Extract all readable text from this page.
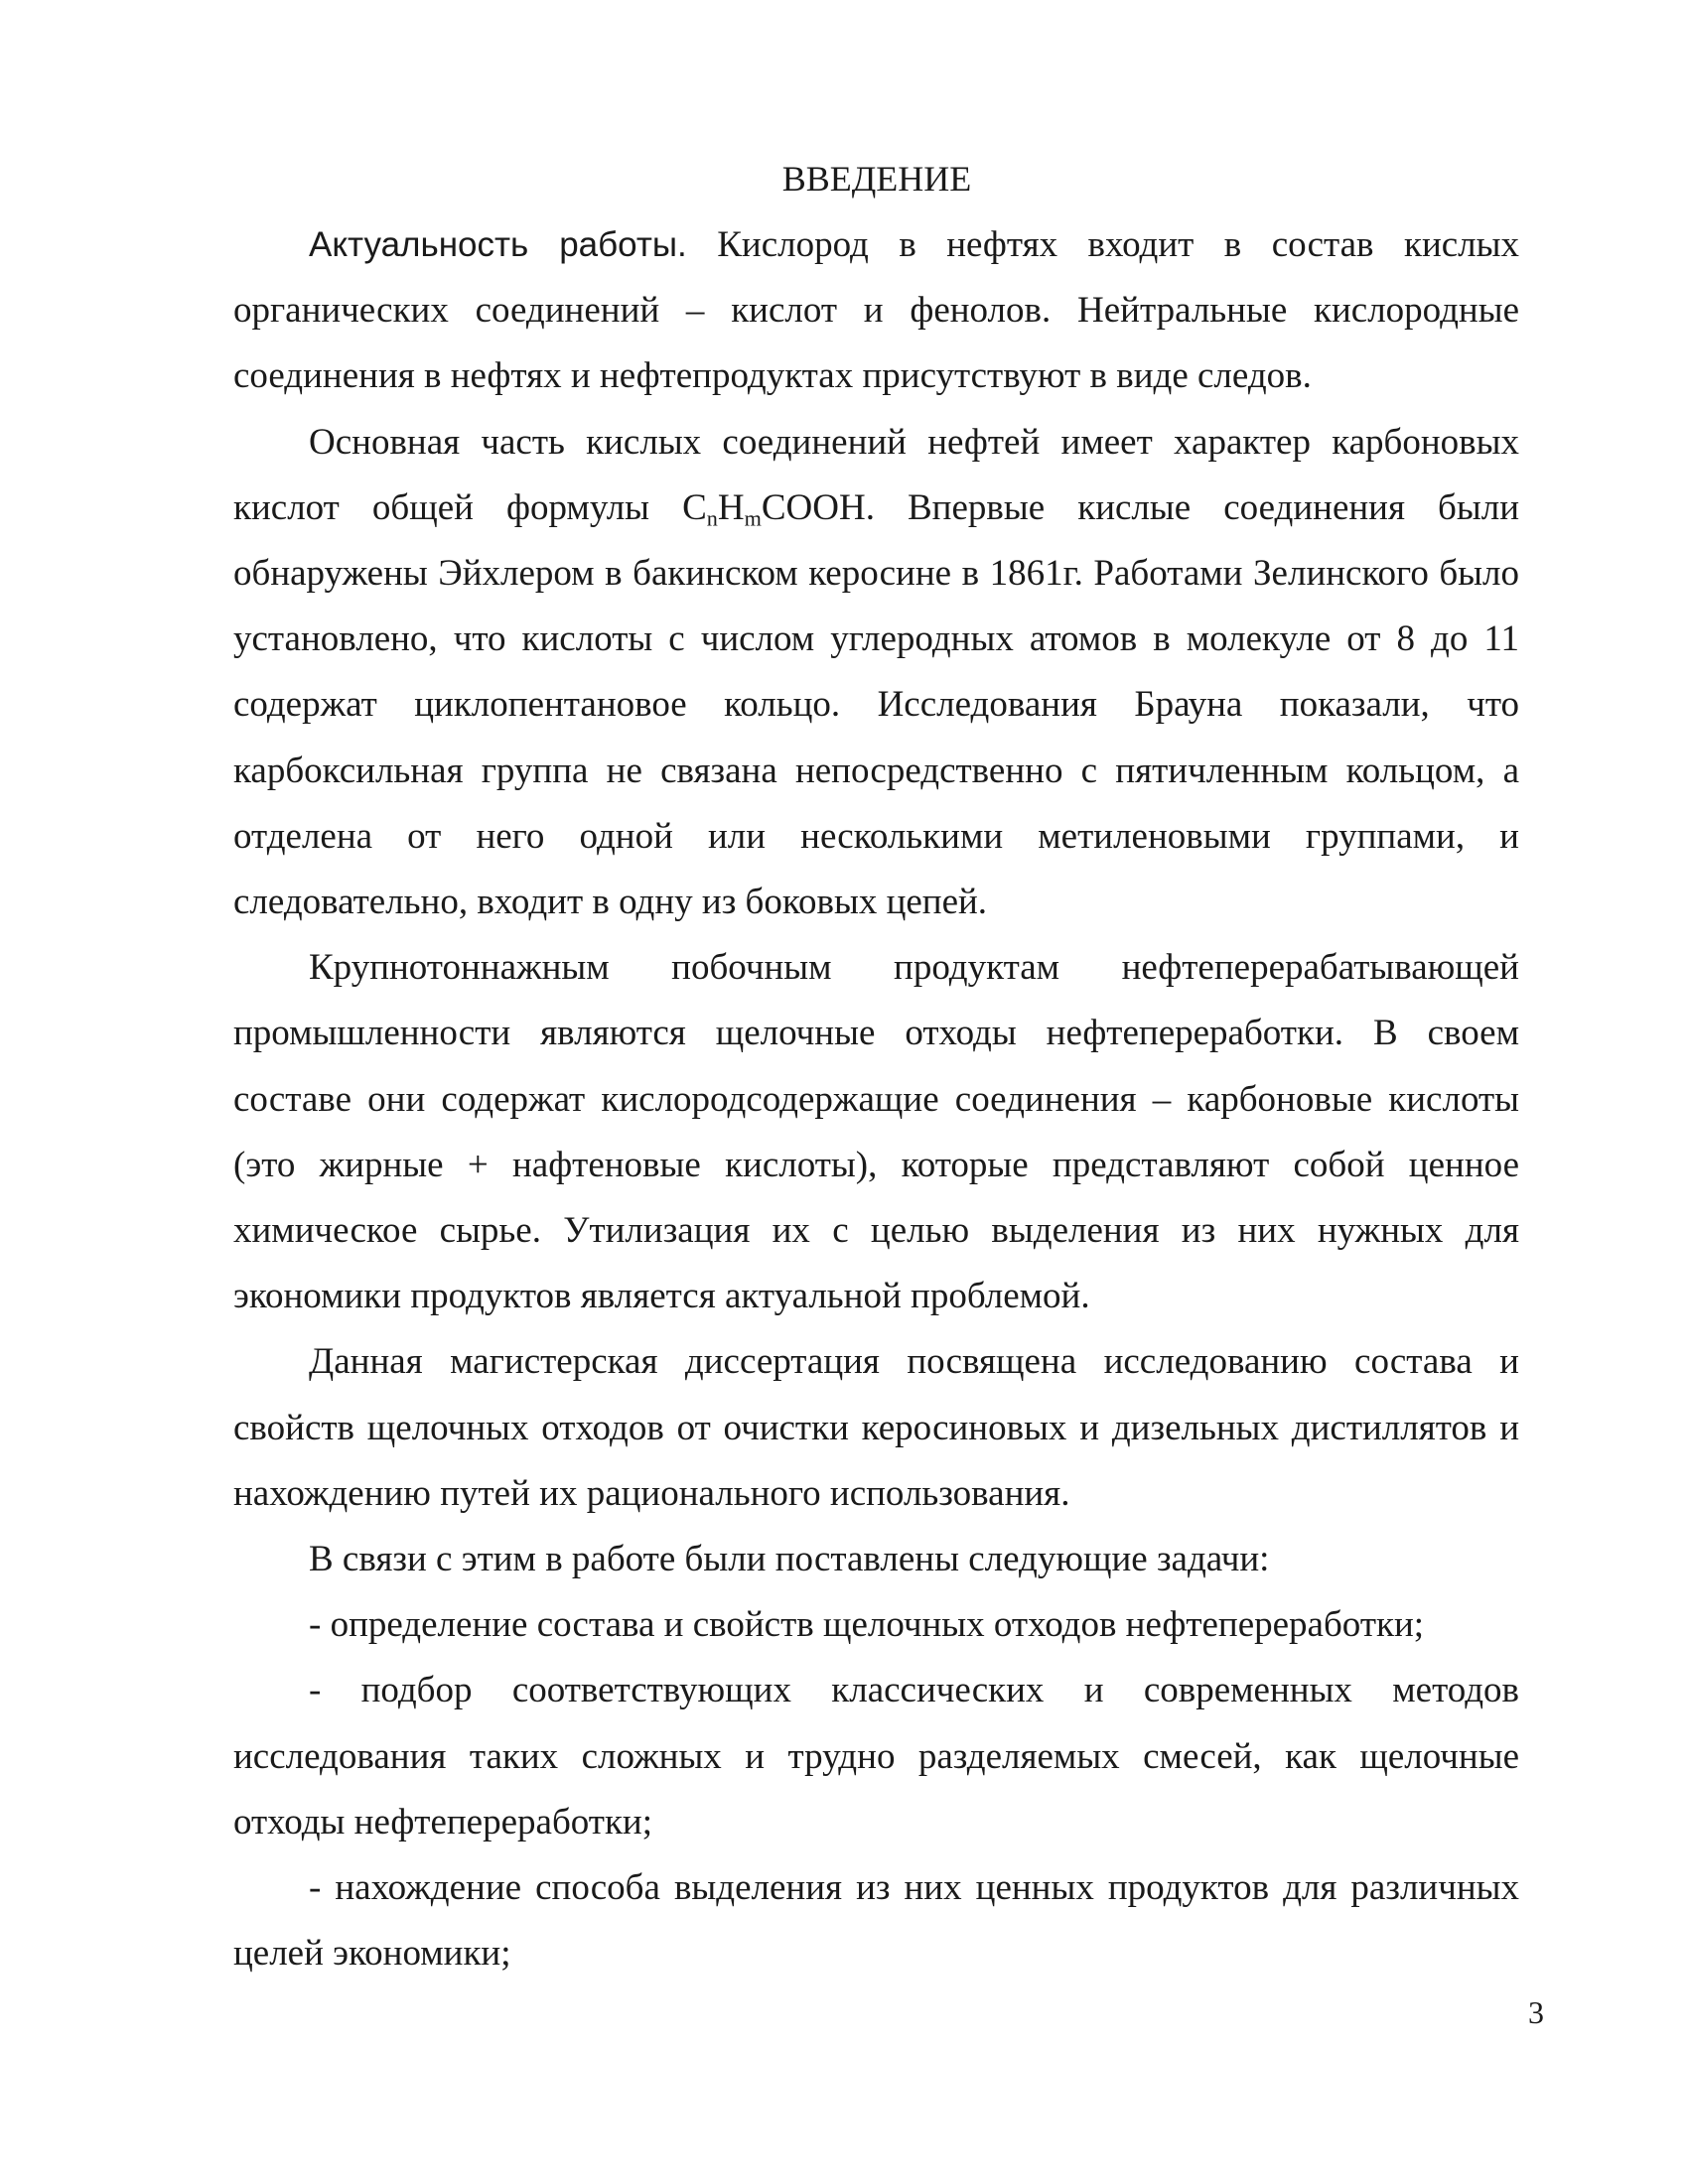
ВВЕДЕНИЕ

Актуальность работы. Кислород в нефтях входит в состав кислых органических соединений – кислот и фенолов. Нейтральные кислородные соединения в нефтях и нефтепродуктах присутствуют в виде следов.

Основная часть кислых соединений нефтей имеет характер карбоновых кислот общей формулы $C_nH_mCOOH$. Впервые кислые соединения были обнаружены Эйхлером в бакинском керосине в 1861г. Работами Зелинского было установлено, что кислоты с числом углеродных атомов в молекуле от 8 до 11 содержат циклопентановое кольцо. Исследования Брауна показали, что карбоксильная группа не связана непосредственно с пятичленным кольцом, а отделена от него одной или несколькими метиленовыми группами, и следовательно, входит в одну из боковых цепей.

Крупнотоннажным побочным продуктам нефтеперерабатывающей промышленности являются щелочные отходы нефтепереработки. В своем составе они содержат кислородсодержащие соединения – карбоновые кислоты (это жирные + нафтеновые кислоты), которые представляют собой ценное химическое сырье. Утилизация их с целью выделения из них нужных для экономики продуктов является актуальной проблемой.

Данная магистерская диссертация посвящена исследованию состава и свойств щелочных отходов от очистки керосиновых и дизельных дистиллятов и нахождению путей их рационального использования.

В связи с этим в работе были поставлены следующие задачи:

- определение состава и свойств щелочных отходов нефтепереработки;

- подбор соответствующих классических и современных методов исследования таких сложных и трудно разделяемых смесей, как щелочные отходы нефтепереработки;

- нахождение способа выделения из них ценных продуктов для различных целей экономики;

3
